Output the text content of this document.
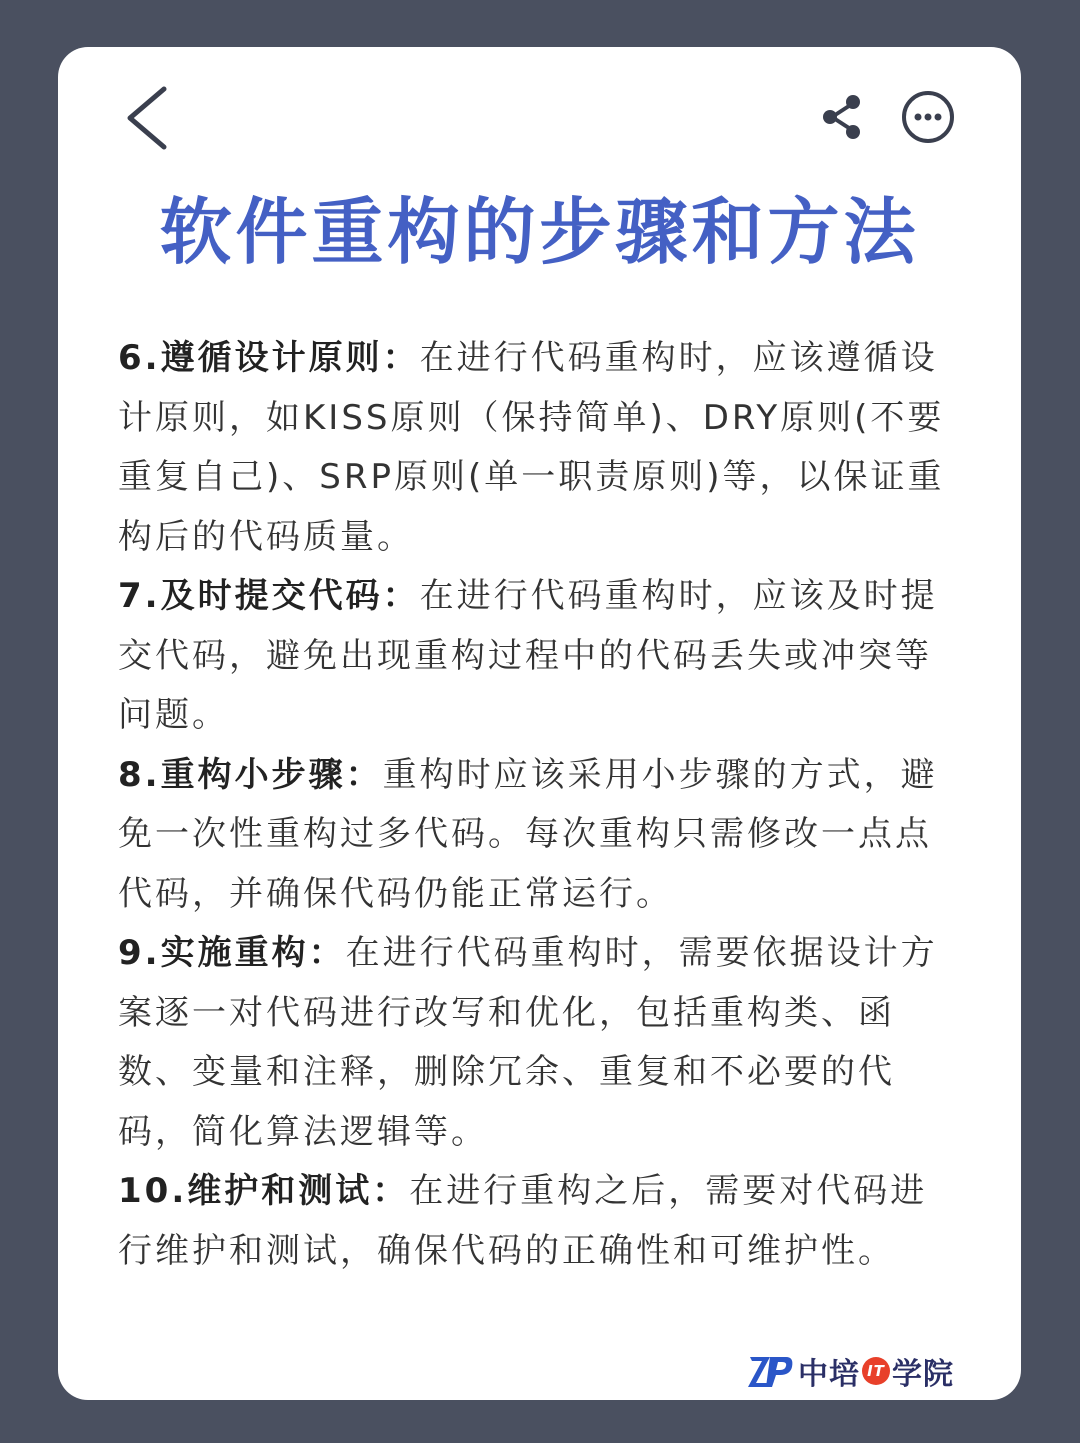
软件重构的步骤和方法

6.遵循设计原则：在进行代码重构时，应该遵循设计原则，如KISS原则（保持简单)、DRY原则(不要重复自己)、SRP原则(单一职责原则)等，以保证重构后的代码质量。

7.及时提交代码：在进行代码重构时，应该及时提交代码，避免出现重构过程中的代码丢失或冲突等问题。

8.重构小步骤：重构时应该采用小步骤的方式，避免一次性重构过多代码。每次重构只需修改一点点代码，并确保代码仍能正常运行。

9.实施重构：在进行代码重构时，需要依据设计方案逐一对代码进行改写和优化，包括重构类、函数、变量和注释，删除冗余、重复和不必要的代码，简化算法逻辑等。

10.维护和测试：在进行重构之后，需要对代码进行维护和测试，确保代码的正确性和可维护性。

中培 IT 学院
